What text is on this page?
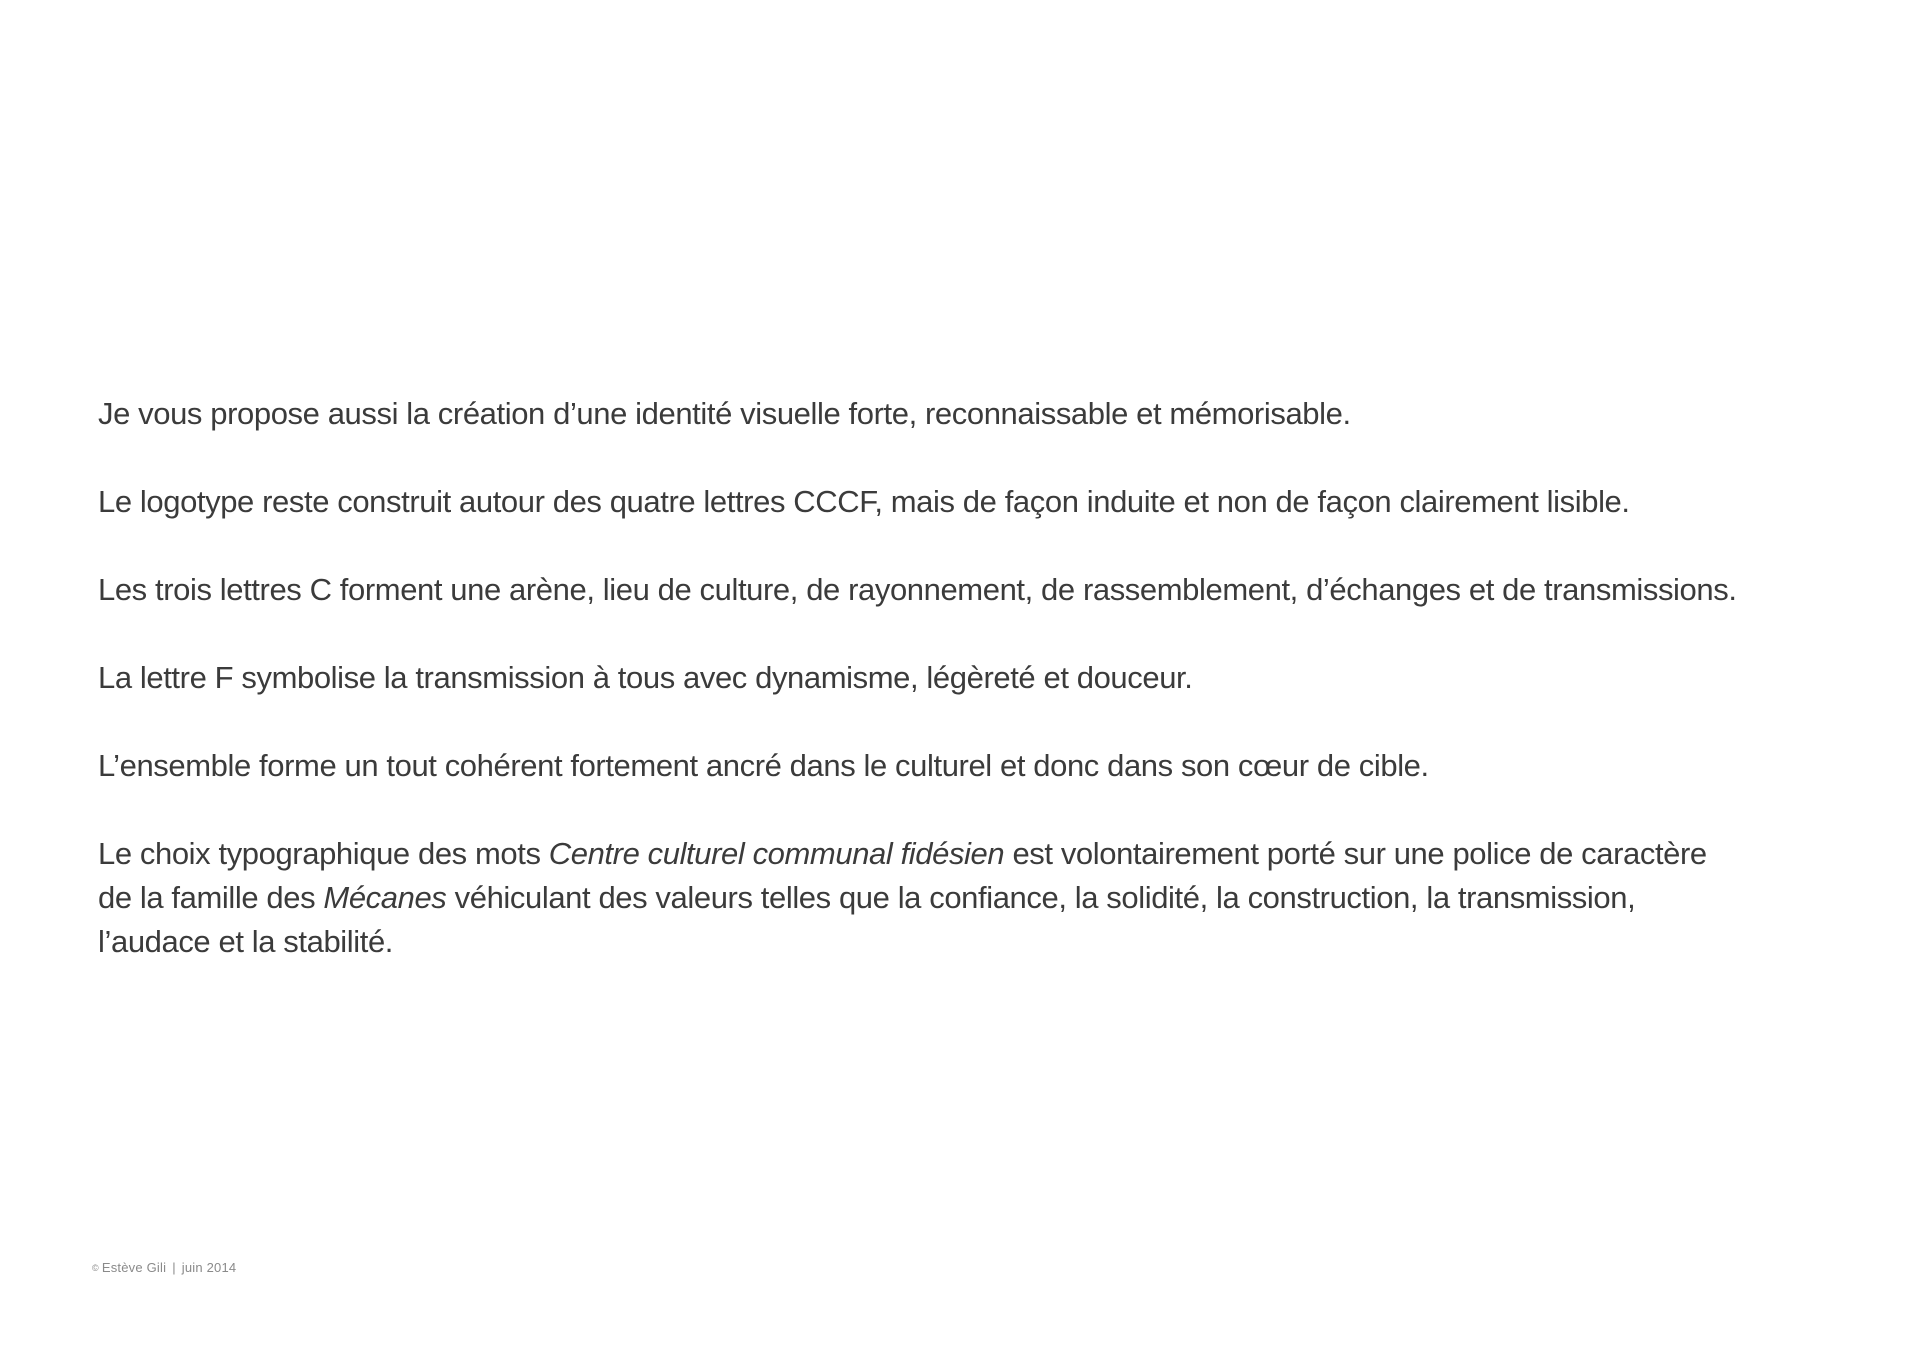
Je vous propose aussi la création d’une identité visuelle forte, reconnaissable et mémorisable.

Le logotype reste construit autour des quatre lettres CCCF, mais de façon induite et non de façon clairement lisible.

Les trois lettres C forment une arène, lieu de culture, de rayonnement, de rassemblement, d’échanges et de transmissions.

La lettre F symbolise la transmission à tous avec dynamisme, légèreté et douceur.

L’ensemble forme un tout cohérent fortement ancré dans le culturel et donc dans son cœur de cible.

Le choix typographique des mots Centre culturel communal fidésien est volontairement porté sur une police de caractère
de la famille des Mécanes véhiculant des valeurs telles que la confiance, la solidité, la construction, la transmission,
l’audace et la stabilité.

© Estève Gili | juin 2014
